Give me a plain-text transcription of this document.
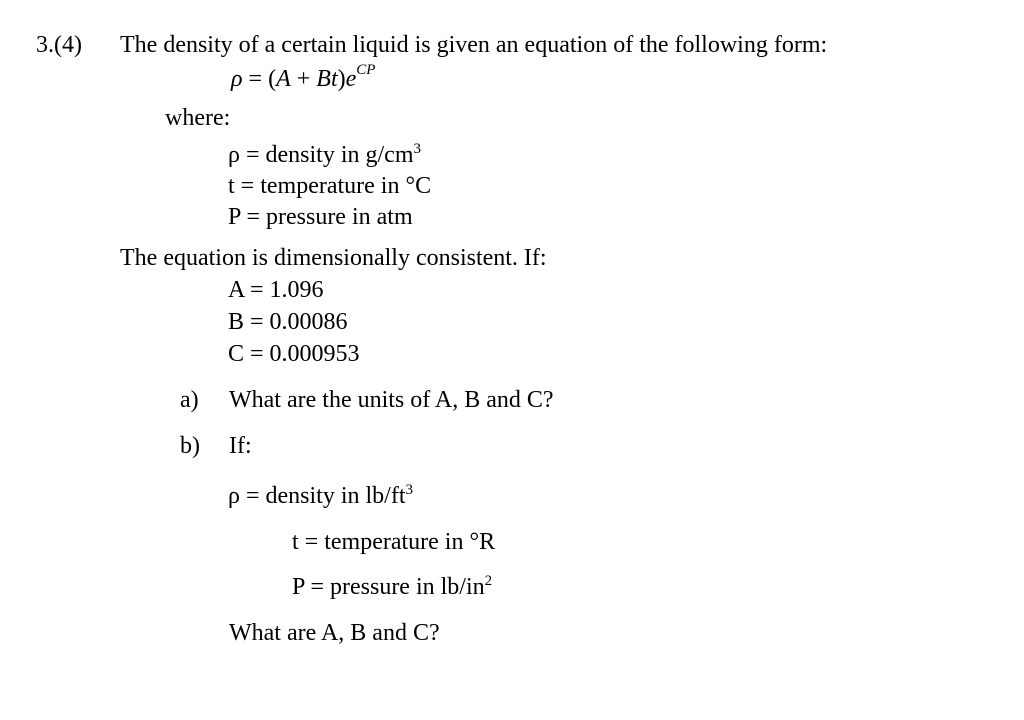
3.(4) The density of a certain liquid is given an equation of the following form:
$\rho = (A + Bt)e^{CP}$
where:
ρ = density in $g/cm^3$
t = temperature in °C
P = pressure in atm
The equation is dimensionally consistent. If:
A = 1.096
B = 0.00086
C = 0.000953
a) What are the units of A, B and C?
b) If:
ρ = density in $lb/ft^3$
t = temperature in °R
P = pressure in $lb/in^2$
What are A, B and C?
